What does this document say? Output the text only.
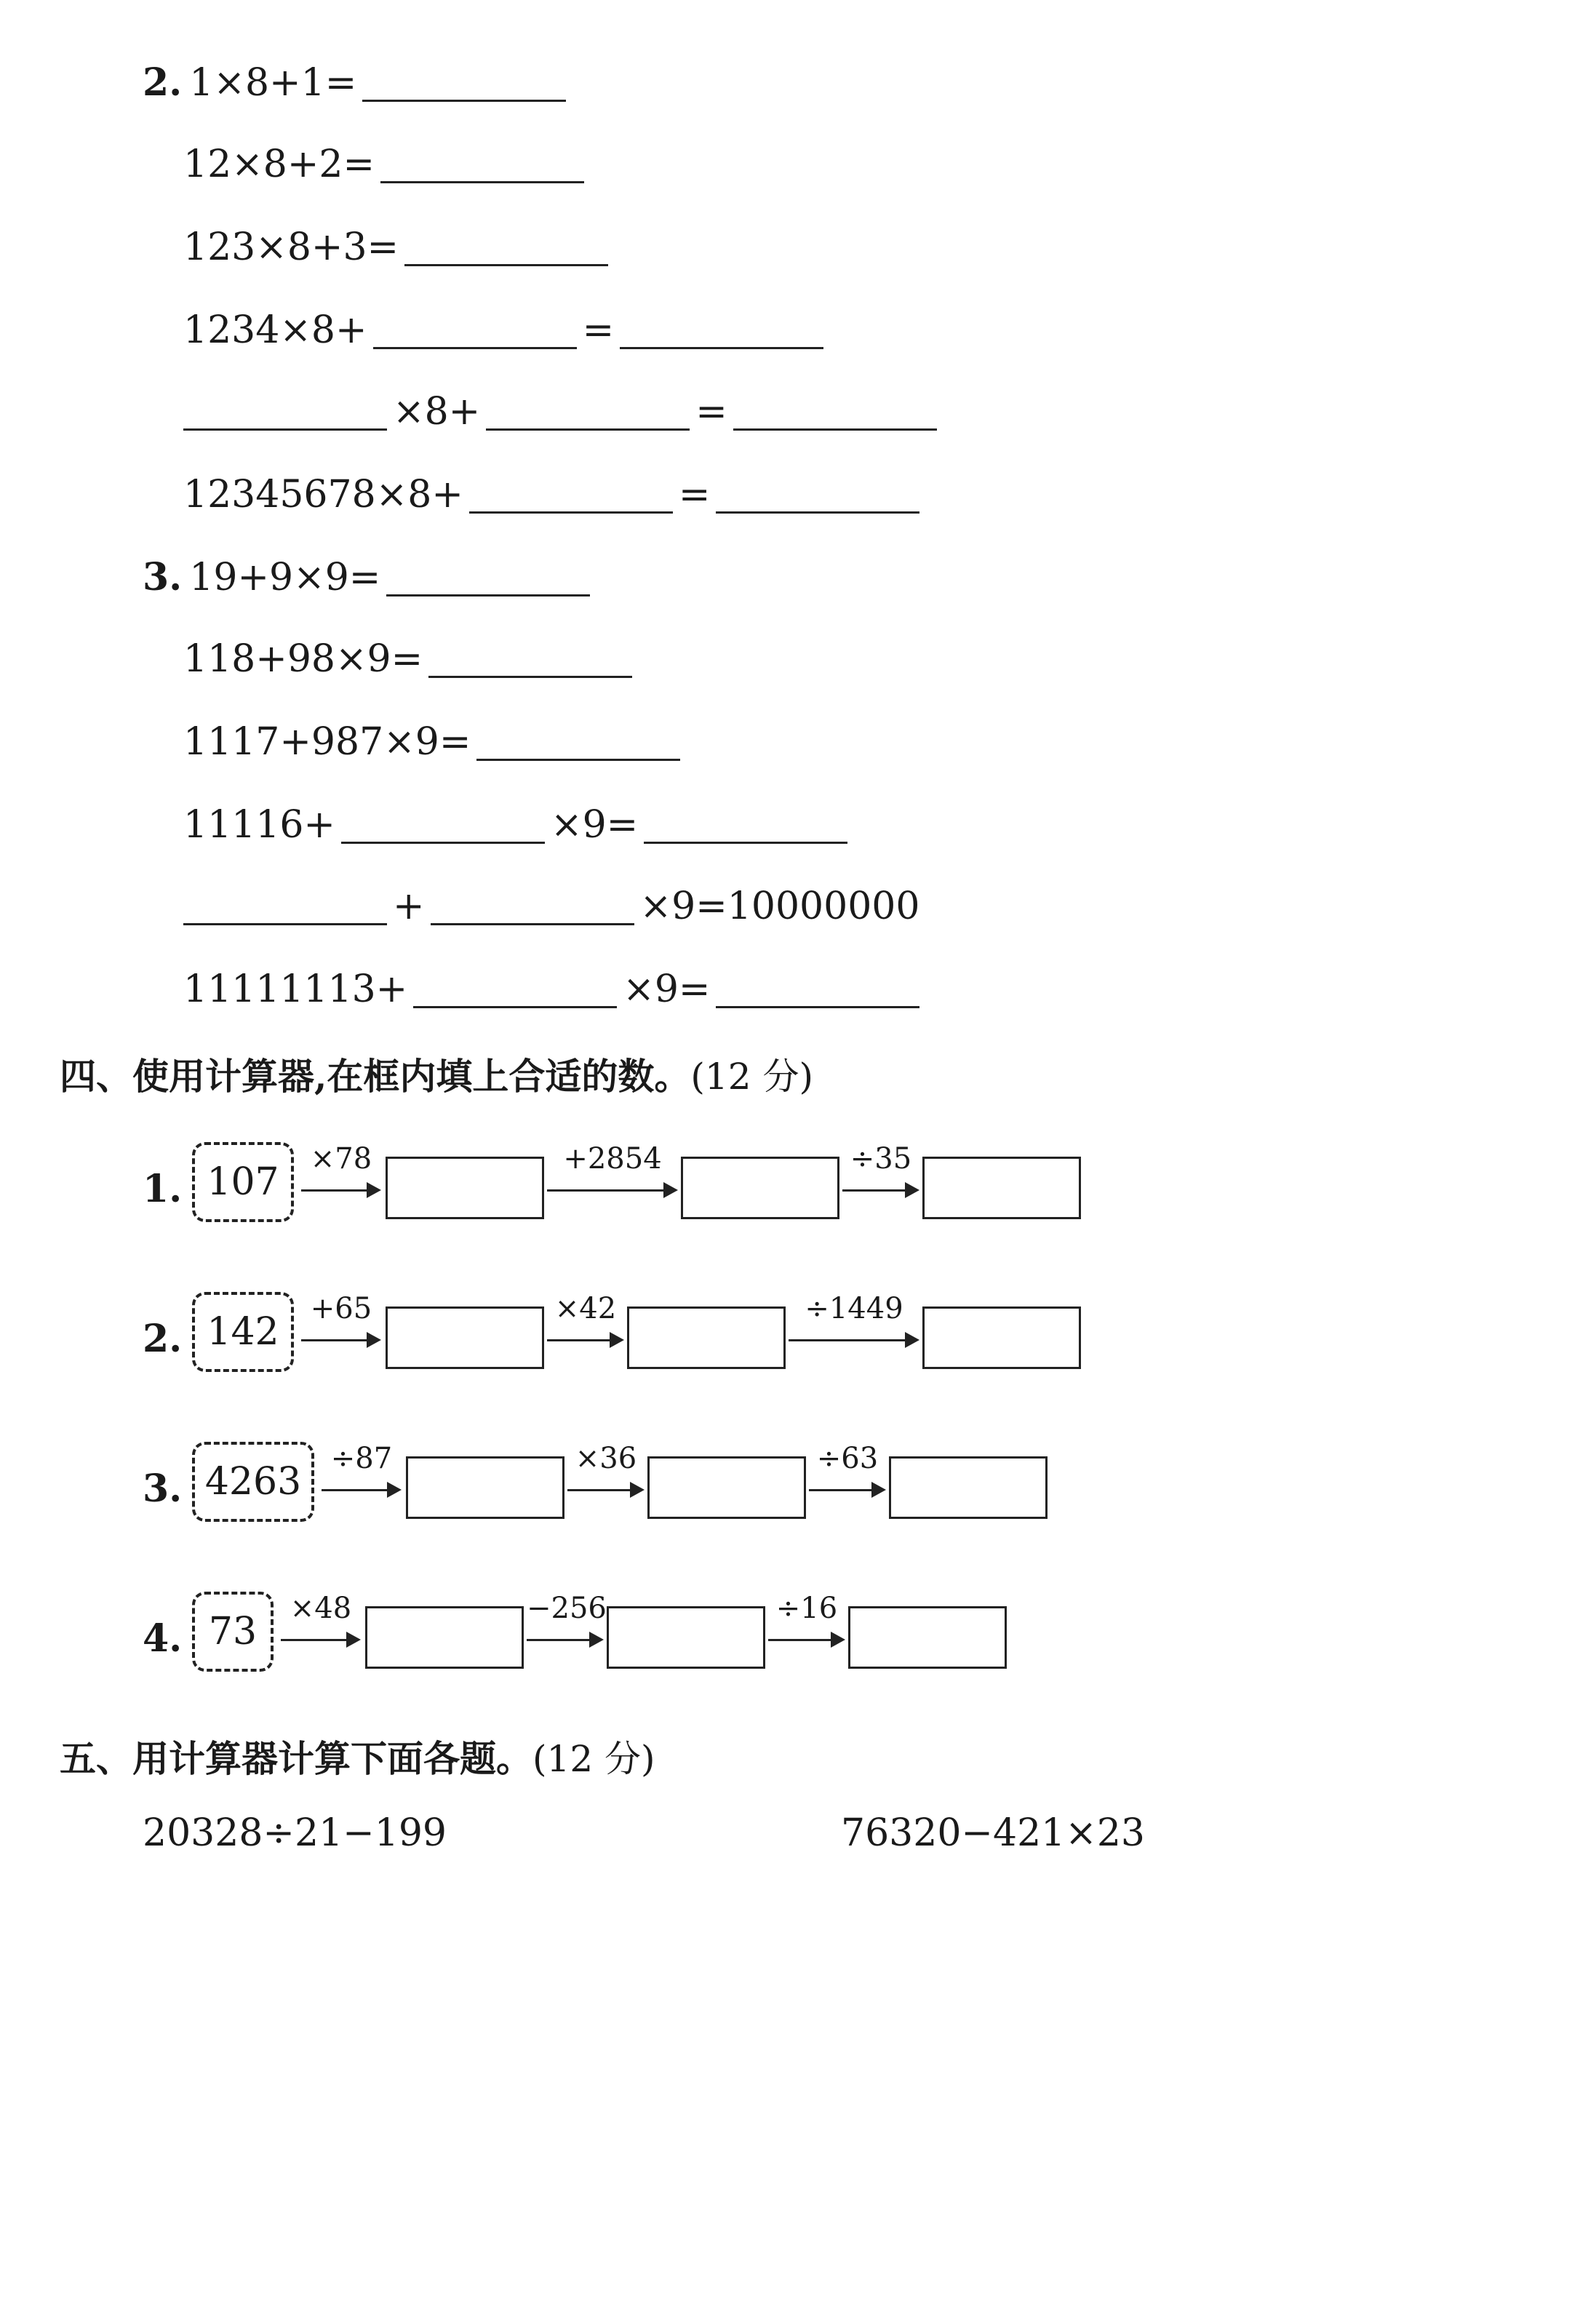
2. 1×8+1=
12×8+2=
123×8+3=
1234×8+	=
×8+	=
12345678×8+	=
3. 19+9×9=
118+98×9=
1117+987×9=
11116+	×9=
+	×9=10000000
11111113+	×9=
四、使用计算器,在框内填上合适的数。(12 分)
1. 107
×78	+2854	÷35
2. 142
+65	×42	÷1449
3. 4263
÷87	×36	÷63
4. 73
×48	−256	÷16
五、用计算器计算下面各题。(12 分)
20328÷21−199	76320−421×23
